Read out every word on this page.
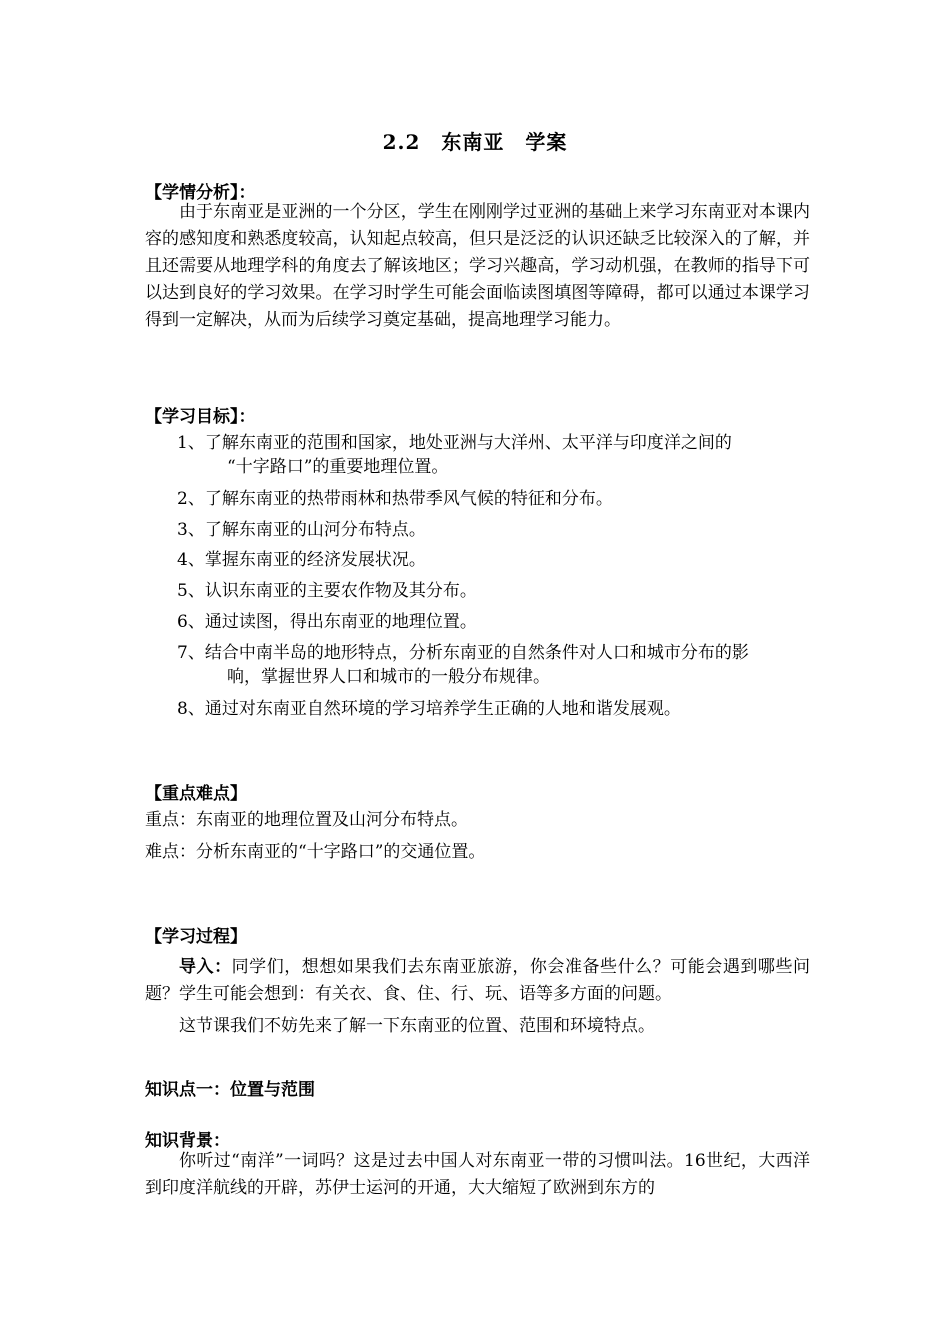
2.2　东南亚　学案
【学情分析】：

由于东南亚是亚洲的一个分区，学生在刚刚学过亚洲的基础上来学习东南亚对本课内容的感知度和熟悉度较高，认知起点较高，但只是泛泛的认识还缺乏比较深入的了解，并且还需要从地理学科的角度去了解该地区；学习兴趣高，学习动机强，在教师的指导下可以达到良好的学习效果。在学习时学生可能会面临读图填图等障碍，都可以通过本课学习得到一定解决，从而为后续学习奠定基础，提高地理学习能力。

【学习目标】：
1、了解东南亚的范围和国家，地处亚洲与大洋州、太平洋与印度洋之间的
“十字路口”的重要地理位置。
2、了解东南亚的热带雨林和热带季风气候的特征和分布。
3、了解东南亚的山河分布特点。
4、掌握东南亚的经济发展状况。
5、认识东南亚的主要农作物及其分布。
6、通过读图，得出东南亚的地理位置。
7、结合中南半岛的地形特点，分析东南亚的自然条件对人口和城市分布的影
响，掌握世界人口和城市的一般分布规律。
8、通过对东南亚自然环境的学习培养学生正确的人地和谐发展观。
【重点难点】
重点：东南亚的地理位置及山河分布特点。
难点：分析东南亚的“十字路口”的交通位置。
【学习过程】

导入：同学们，想想如果我们去东南亚旅游，你会准备些什么？可能会遇到哪些问题？学生可能会想到：有关衣、食、住、行、玩、语等多方面的问题。

这节课我们不妨先来了解一下东南亚的位置、范围和环境特点。

知识点一：位置与范围
知识背景：

你听过“南洋”一词吗？这是过去中国人对东南亚一带的习惯叫法。16世纪，大西洋到印度洋航线的开辟，苏伊士运河的开通，大大缩短了欧洲到东方的
